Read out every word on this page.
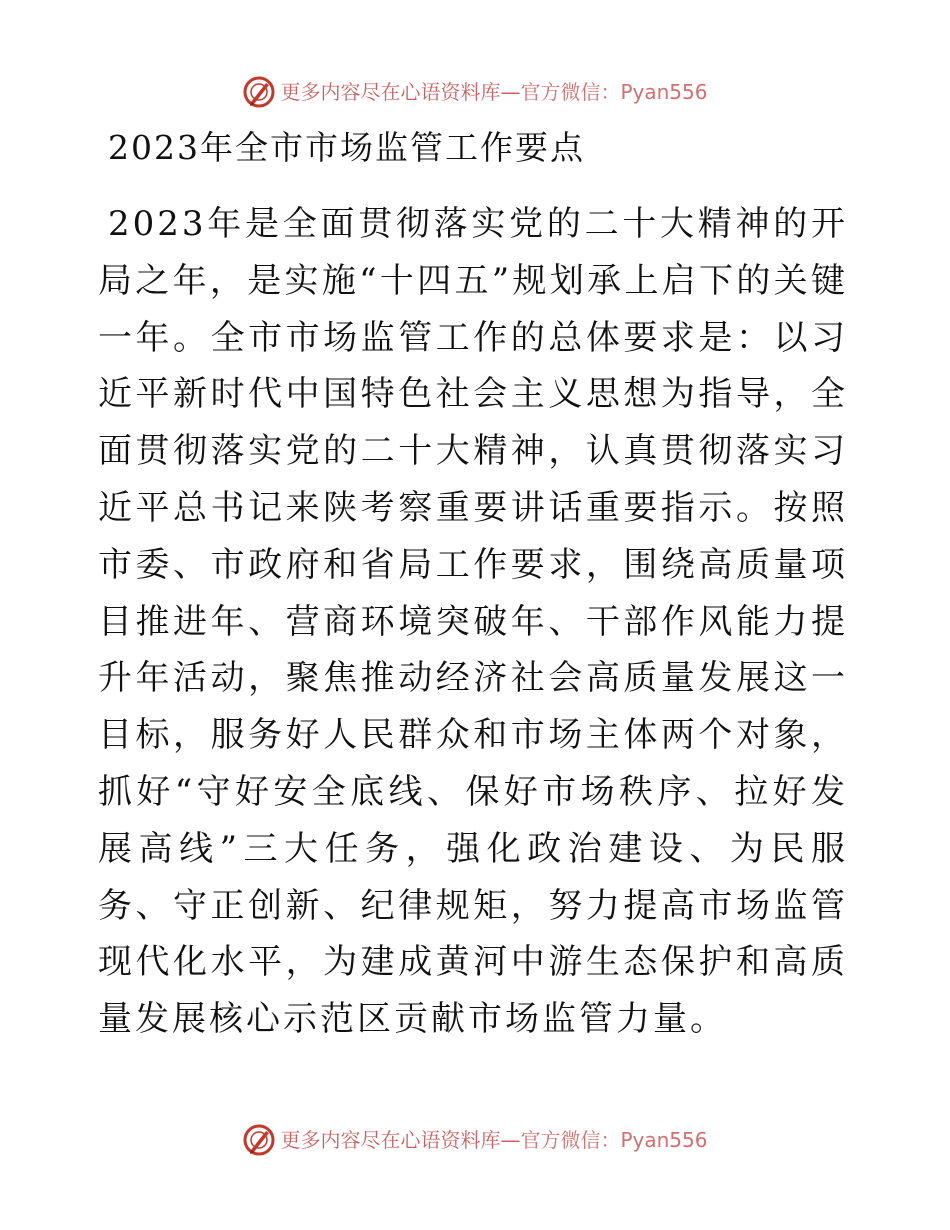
更多内容尽在心语资料库—官方微信：Pyan556
2023年全市市场监管工作要点

2023年是全面贯彻落实党的二十大精神的开局之年，是实施“十四五”规划承上启下的关键一年。全市市场监管工作的总体要求是：以习近平新时代中国特色社会主义思想为指导，全面贯彻落实党的二十大精神，认真贯彻落实习近平总书记来陕考察重要讲话重要指示。按照市委、市政府和省局工作要求，围绕高质量项目推进年、营商环境突破年、干部作风能力提升年活动，聚焦推动经济社会高质量发展这一目标，服务好人民群众和市场主体两个对象，抓好“守好安全底线、保好市场秩序、拉好发展高线”三大任务，强化政治建设、为民服务、守正创新、纪律规矩，努力提高市场监管现代化水平，为建成黄河中游生态保护和高质量发展核心示范区贡献市场监管力量。

更多内容尽在心语资料库—官方微信：Pyan556
